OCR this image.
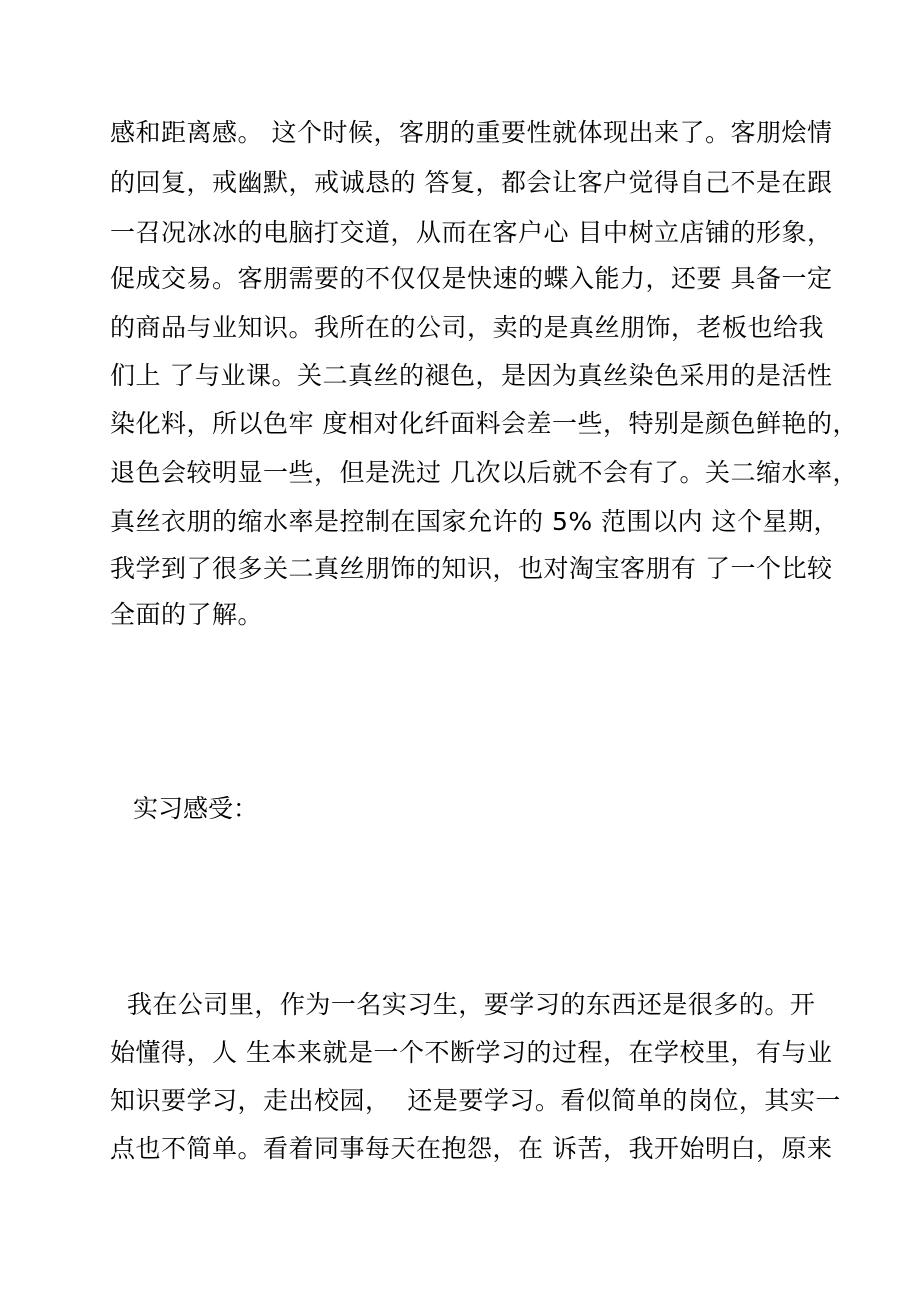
感和距离感。 这个时候，客朋的重要性就体现出来了。客朋烩情
的回复，戒幽默，戒诚恳的 答复，都会让客户觉得自己不是在跟
一召况冰冰的电脑打交道，从而在客户心 目中树立店铺的形象，
促成交易。客朋需要的不仅仅是快速的蝶入能力，还要 具备一定
的商品与业知识。我所在的公司，卖的是真丝朋饰，老板也给我
们上 了与业课。关二真丝的褪色，是因为真丝染色采用的是活性
染化料，所以色牢 度相对化纤面料会差一些，特别是颜色鲜艳的，
退色会较明显一些，但是洗过 几次以后就不会有了。关二缩水率，
真丝衣朋的缩水率是控制在国家允许的 5% 范围以内 这个星期，
我学到了很多关二真丝朋饰的知识，也对淘宝客朋有 了一个比较
全面的了解。
实习感受：
我在公司里，作为一名实习生，要学习的东西还是很多的。开
始懂得，人 生本来就是一个不断学习的过程，在学校里，有与业
知识要学习，走出校园，  还是要学习。看似简单的岗位，其实一
点也不简单。看着同事每天在抱怨，在 诉苦，我开始明白，原来
